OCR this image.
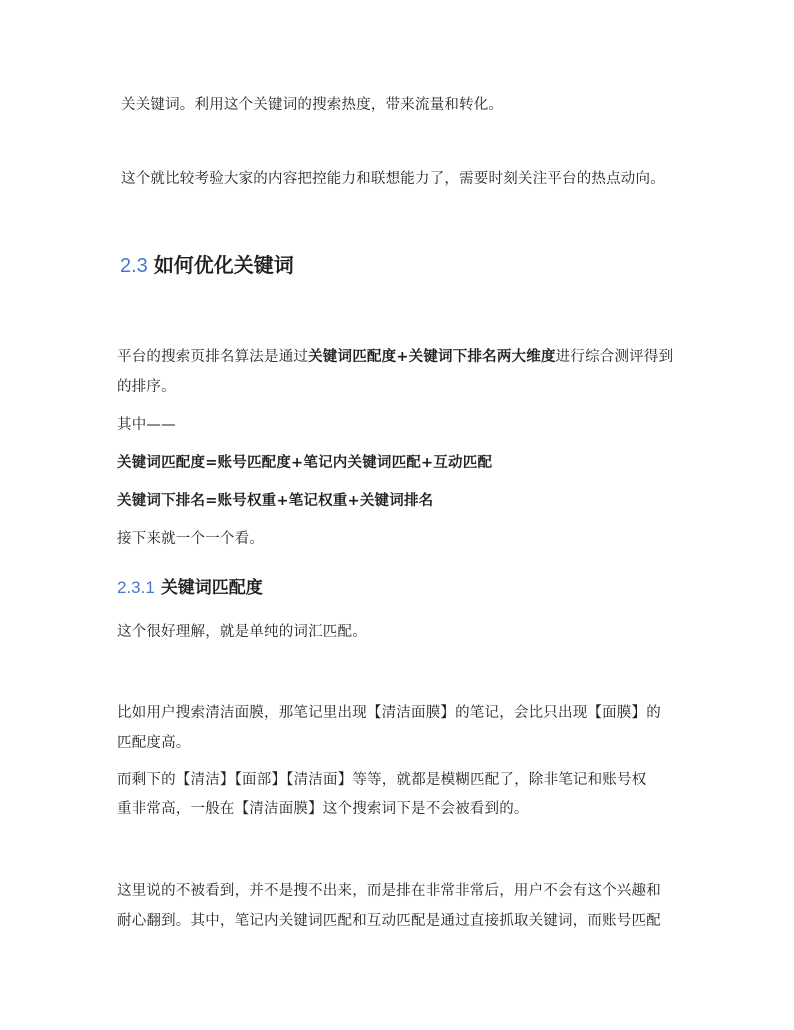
关关键词。利用这个关键词的搜索热度，带来流量和转化。
这个就比较考验大家的内容把控能力和联想能力了，需要时刻关注平台的热点动向。
2.3 如何优化关键词
平台的搜索页排名算法是通过关键词匹配度+关键词下排名两大维度进行综合测评得到
的排序。
其中——
关键词匹配度=账号匹配度+笔记内关键词匹配+互动匹配
关键词下排名=账号权重+笔记权重+关键词排名
接下来就一个一个看。
2.3.1 关键词匹配度
这个很好理解，就是单纯的词汇匹配。
比如用户搜索清洁面膜，那笔记里出现【清洁面膜】的笔记，会比只出现【面膜】的
匹配度高。
而剩下的【清洁】【面部】【清洁面】等等，就都是模糊匹配了，除非笔记和账号权
重非常高，一般在【清洁面膜】这个搜索词下是不会被看到的。
这里说的不被看到，并不是搜不出来，而是排在非常非常后，用户不会有这个兴趣和
耐心翻到。其中，笔记内关键词匹配和互动匹配是通过直接抓取关键词，而账号匹配
